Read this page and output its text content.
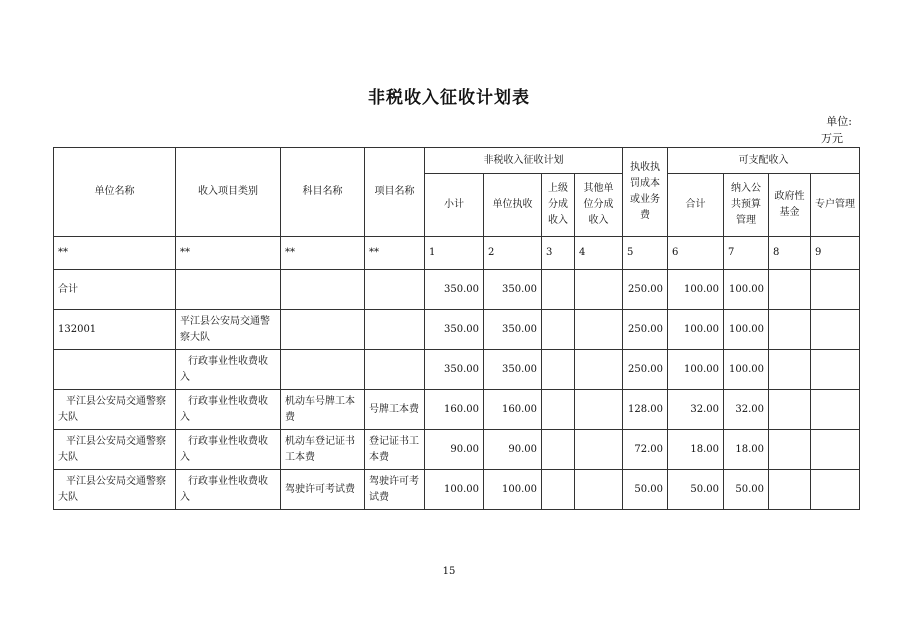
非税收入征收计划表
单位:
万元
单位名称	收入项目类别	科目名称	项目名称	非税收入征收计划				执收执罚成本或业务费	可支配收入			
				小计	单位执收	上级分成收入	其他单位分成收入		合计	纳入公共预算管理	政府性基金	专户管理
**	**	**	**	1	2	3	4	5	6	7	8	9
合计				350.00	350.00			250.00	100.00	100.00		
132001	平江县公安局交通警察大队			350.00	350.00			250.00	100.00	100.00		
	行政事业性收费收入			350.00	350.00			250.00	100.00	100.00		
平江县公安局交通警察大队	行政事业性收费收入	机动车号牌工本费	号牌工本费	160.00	160.00			128.00	32.00	32.00		
平江县公安局交通警察大队	行政事业性收费收入	机动车登记证书工本费	登记证书工本费	90.00	90.00			72.00	18.00	18.00		
平江县公安局交通警察大队	行政事业性收费收入	驾驶许可考试费	驾驶许可考试费	100.00	100.00			50.00	50.00	50.00		
15
